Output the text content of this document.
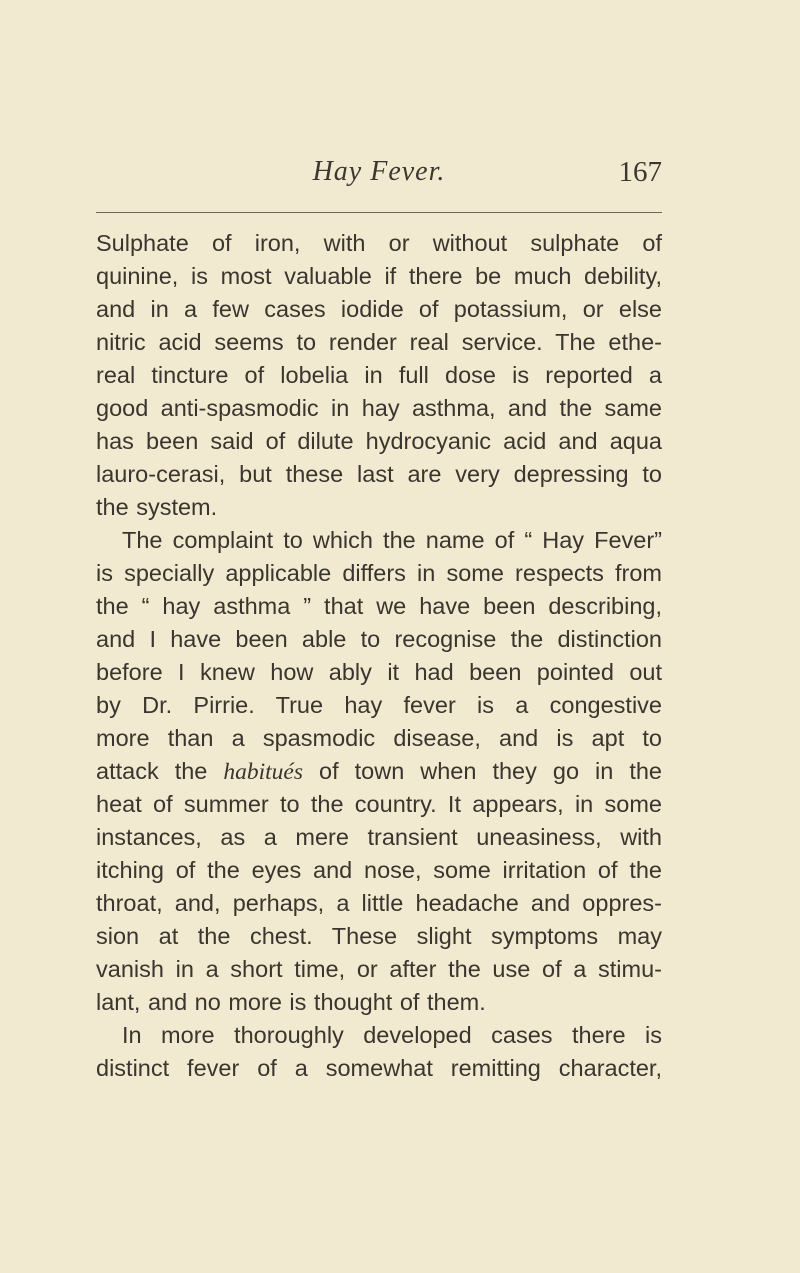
Hay Fever.	167
Sulphate of iron, with or without sulphate of
quinine, is most valuable if there be much debility,
and in a few cases iodide of potassium, or else
nitric acid seems to render real service. The ethe-
real tincture of lobelia in full dose is reported a
good anti-spasmodic in hay asthma, and the same
has been said of dilute hydrocyanic acid and aqua
lauro-cerasi, but these last are very depressing to
the system.
The complaint to which the name of “ Hay Fever”
is specially applicable differs in some respects from
the “ hay asthma ” that we have been describing,
and I have been able to recognise the distinction
before I knew how ably it had been pointed out
by Dr. Pirrie. True hay fever is a congestive
more than a spasmodic disease, and is apt to
attack the habitués of town when they go in the
heat of summer to the country. It appears, in some
instances, as a mere transient uneasiness, with
itching of the eyes and nose, some irritation of the
throat, and, perhaps, a little headache and oppres-
sion at the chest. These slight symptoms may
vanish in a short time, or after the use of a stimu-
lant, and no more is thought of them.
In more thoroughly developed cases there is
distinct fever of a somewhat remitting character,
